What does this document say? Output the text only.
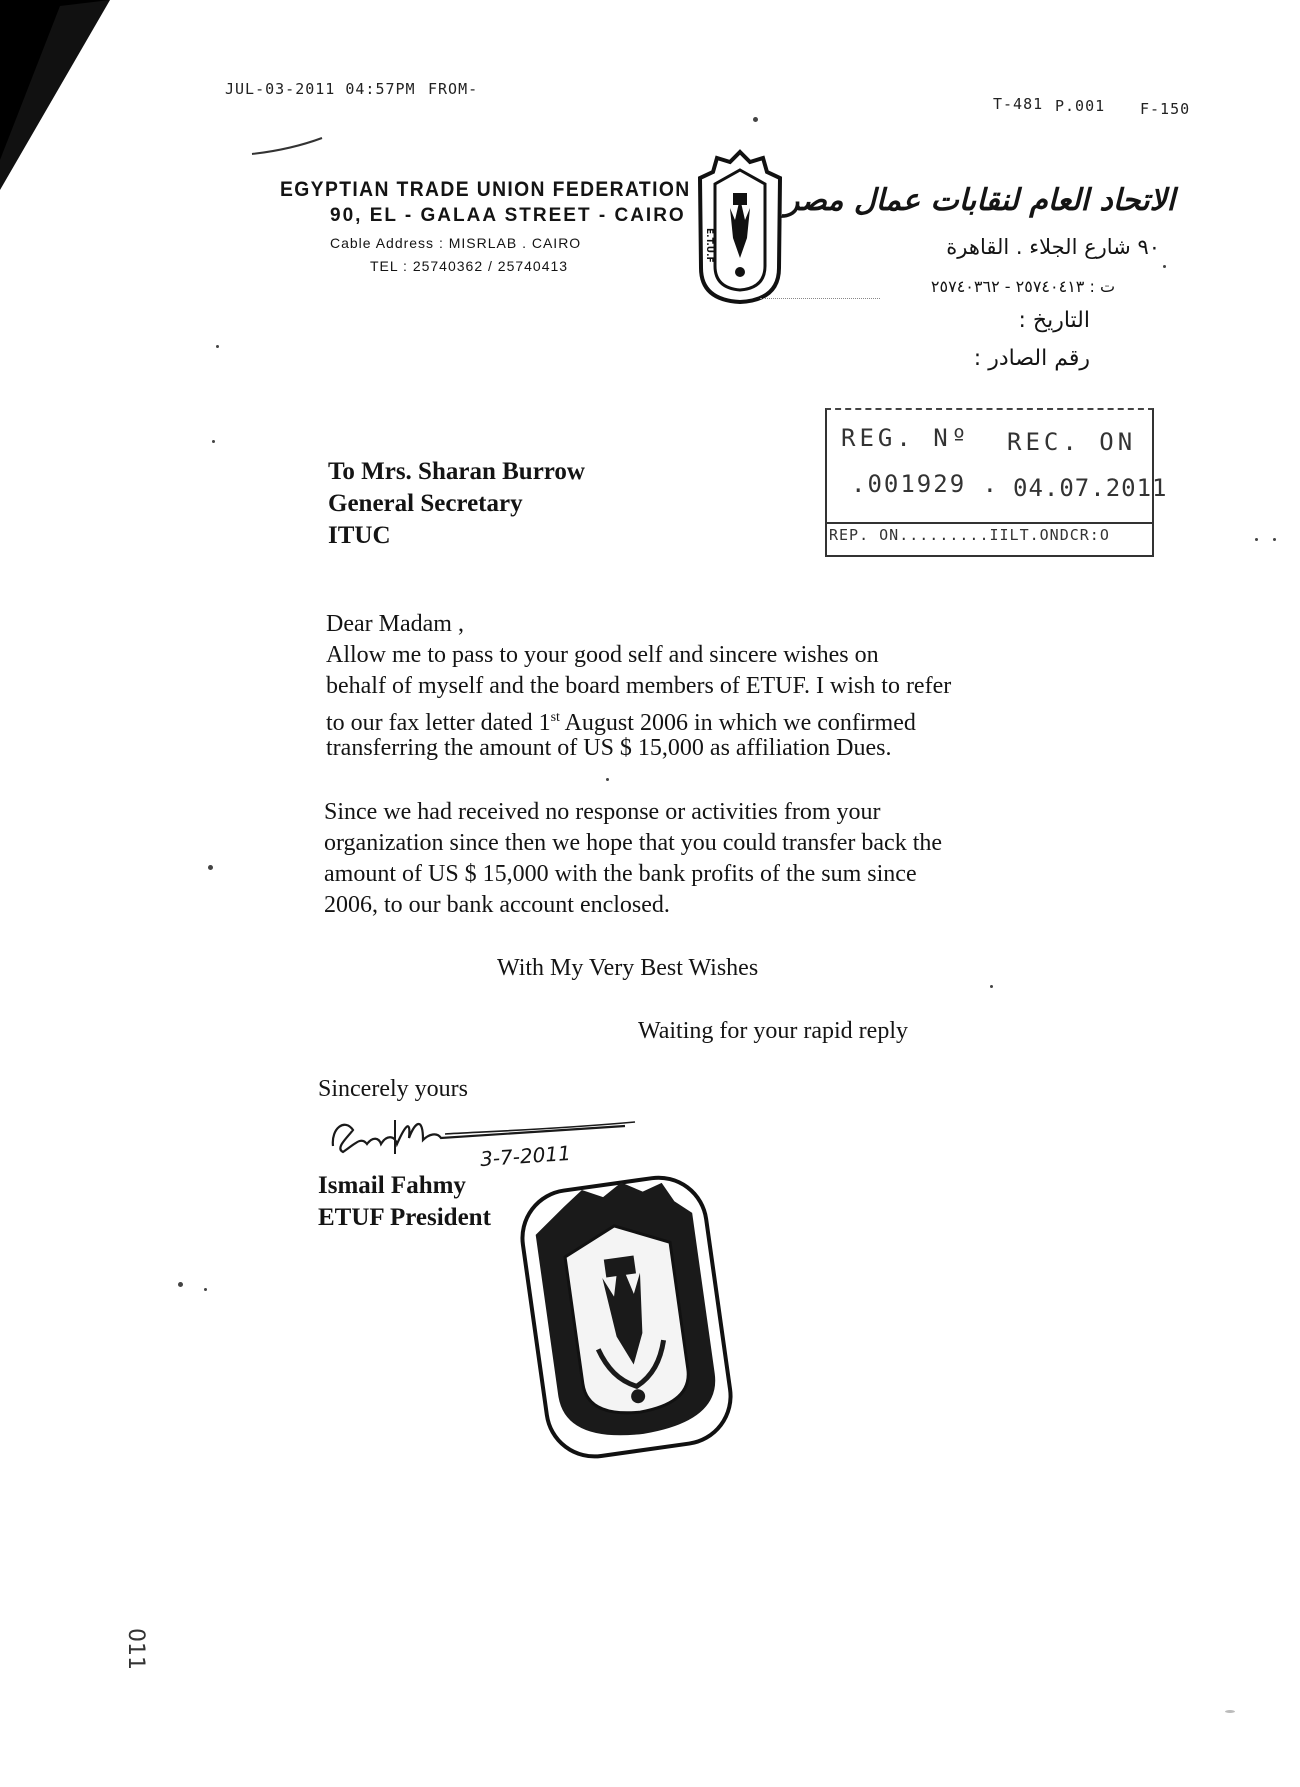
JUL-03-2011 04:57PM FROM-
T-481 P.001 F-150
EGYPTIAN TRADE UNION FEDERATION
90, EL - GALAA STREET - CAIRO
Cable Address : MISRLAB . CAIRO
TEL : 25740362 / 25740413
E.T.U.F
الاتحاد العام لنقابات عمال مصر
٩٠ شارع الجلاء . القاهرة
ت : ٢٥٧٤٠٤١٣ - ٢٥٧٤٠٣٦٢
التاريخ :
رقم الصادر :
REG. Nº REC. ON
.001929 . 04.07.2011
REP. ON.........IILT.ONDCR:O
To Mrs. Sharan Burrow
General Secretary
ITUC
Dear Madam ,
Allow me to pass to your good self and sincere wishes on
behalf of myself and the board members of ETUF. I wish to refer
to our fax letter dated 1st August 2006 in which we confirmed
transferring the amount of US $ 15,000 as affiliation Dues.
Since we had received no response or activities from your
organization since then we hope that you could transfer back the
amount of US $ 15,000 with the bank profits of the sum since
2006, to our bank account enclosed.
With My Very Best Wishes
Waiting for your rapid reply
Sincerely yours
3-7-2011
Ismail Fahmy
ETUF President
011
